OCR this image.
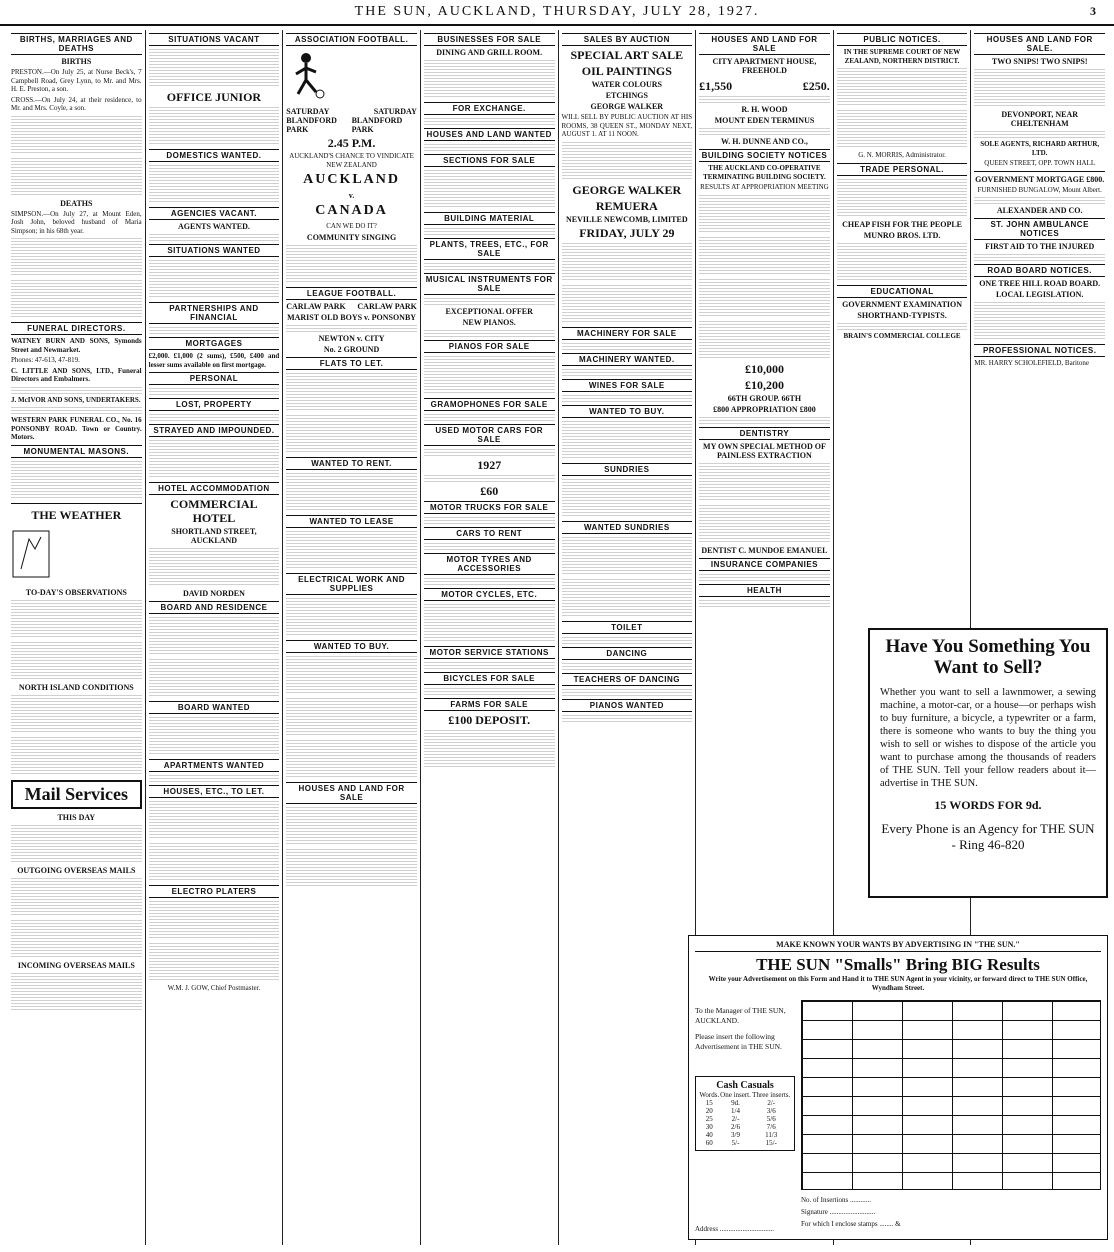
THE SUN, AUCKLAND, THURSDAY, JULY 28, 1927.	3
BIRTHS, MARRIAGES AND DEATHS
BIRTHS
PRESTON.—On July 25, at Nurse Beck's, 7 Campbell Road, Grey Lynn, to Mr. and Mrs. H. E. Preston, a son.
CROSS.—On July 24, at their residence, to Mr. and Mrs. Coyle, a son.
DEATHS
SIMPSON.—On July 27, at Mount Eden, Josh John, beloved husband of Maria Simpson; in his 68th year.
FUNERAL DIRECTORS.
WATNEY BURN AND SONS, Symonds Street and Newmarket.
Phones: 47-613, 47-819.
C. LITTLE AND SONS, LTD., Funeral Directors and Embalmers.
J. McIVOR AND SONS, UNDERTAKERS.
WESTERN PARK FUNERAL CO., No. 16 PONSONBY ROAD. Town or Country. Motors.
MONUMENTAL MASONS.
THE WEATHER
TO-DAY'S OBSERVATIONS
NORTH ISLAND CONDITIONS
Mail Services
THIS DAY
OUTGOING OVERSEAS MAILS
INCOMING OVERSEAS MAILS
SITUATIONS VACANT
OFFICE JUNIOR
DOMESTICS WANTED.
AGENCIES VACANT.
AGENTS WANTED.
SITUATIONS WANTED
PARTNERSHIPS AND FINANCIAL
MORTGAGES
£2,000. £1,000 (2 sums), £500, £400 and lesser sums available on first mortgage.
PERSONAL
LOST, PROPERTY
STRAYED AND IMPOUNDED.
HOTEL ACCOMMODATION
COMMERCIAL HOTEL
SHORTLAND STREET, AUCKLAND
DAVID NORDEN
BOARD AND RESIDENCE
BOARD WANTED
APARTMENTS WANTED
HOUSES, ETC., TO LET.
ELECTRO PLATERS
W.M. J. GOW, Chief Postmaster.
ASSOCIATION FOOTBALL.
SATURDAY	SATURDAY
BLANDFORD PARK
BLANDFORD PARK
2.45 P.M.
AUCKLAND'S CHANCE TO VINDICATE NEW ZEALAND
AUCKLAND
v.
CANADA
CAN WE DO IT?
COMMUNITY SINGING
LEAGUE FOOTBALL.
CARLAW PARK CARLAW PARK
MARIST OLD BOYS v. PONSONBY
NEWTON v. CITY
No. 2 GROUND
FLATS TO LET.
WANTED TO RENT.
WANTED TO LEASE
ELECTRICAL WORK AND SUPPLIES
WANTED TO BUY.
HOUSES AND LAND FOR SALE
BUSINESSES FOR SALE
DINING AND GRILL ROOM.
FOR EXCHANGE.
HOUSES AND LAND WANTED
SECTIONS FOR SALE
BUILDING MATERIAL
PLANTS, TREES, ETC., FOR SALE
MUSICAL INSTRUMENTS FOR SALE
EXCEPTIONAL OFFER
NEW PIANOS.
PIANOS FOR SALE
GRAMOPHONES FOR SALE
USED MOTOR CARS FOR SALE
1927
£60
MOTOR TRUCKS FOR SALE
CARS TO RENT
MOTOR TYRES AND ACCESSORIES
MOTOR CYCLES, ETC.
MOTOR SERVICE STATIONS
BICYCLES FOR SALE
FARMS FOR SALE
£100 DEPOSIT.
SALES BY AUCTION
SPECIAL ART SALE
OIL PAINTINGS
WATER COLOURS
ETCHINGS
GEORGE WALKER
WILL SELL BY PUBLIC AUCTION AT HIS ROOMS, 38 QUEEN ST., MONDAY NEXT, AUGUST 1. AT 11 NOON.
GEORGE WALKER
REMUERA
NEVILLE NEWCOMB, LIMITED
FRIDAY, JULY 29
MACHINERY FOR SALE
MACHINERY WANTED.
WINES FOR SALE
WANTED TO BUY.
SUNDRIES
WANTED SUNDRIES
TOILET
DANCING
TEACHERS OF DANCING
PIANOS WANTED
HOUSES AND LAND FOR SALE
CITY APARTMENT HOUSE, FREEHOLD
£1,550	£250.
R. H. WOOD
MOUNT EDEN TERMINUS
W. H. DUNNE AND CO.,
BUILDING SOCIETY NOTICES
THE AUCKLAND CO-OPERATIVE TERMINATING BUILDING SOCIETY.
RESULTS AT APPROPRIATION MEETING
£10,000
£10,200
66TH GROUP. 66TH
£800 APPROPRIATION £800
DENTISTRY
MY OWN SPECIAL METHOD OF PAINLESS EXTRACTION
DENTIST C. MUNDOE EMANUEL
INSURANCE COMPANIES
HEALTH
PUBLIC NOTICES.
IN THE SUPREME COURT OF NEW ZEALAND, NORTHERN DISTRICT.
G. N. MORRIS, Administrator.
TRADE PERSONAL.
CHEAP FISH FOR THE PEOPLE
MUNRO BROS. LTD.
EDUCATIONAL
GOVERNMENT EXAMINATION
SHORTHAND-TYPISTS.
BRAIN'S COMMERCIAL COLLEGE
HOUSES AND LAND FOR SALE.
TWO SNIPS! TWO SNIPS!
DEVONPORT, NEAR CHELTENHAM
SOLE AGENTS, RICHARD ARTHUR, LTD.
QUEEN STREET, OPP. TOWN HALL
GOVERNMENT MORTGAGE £800.
FURNISHED BUNGALOW, Mount Albert.
ALEXANDER AND CO.
ST. JOHN AMBULANCE NOTICES
FIRST AID TO THE INJURED
ROAD BOARD NOTICES.
ONE TREE HILL ROAD BOARD.
LOCAL LEGISLATION.
PROFESSIONAL NOTICES.
MR. HARRY SCHOLEFIELD, Baritone
Have You Something You Want to Sell?
Whether you want to sell a lawnmower, a sewing machine, a motor-car, or a house—or perhaps wish to buy furniture, a bicycle, a typewriter or a farm, there is someone who wants to buy the thing you wish to sell or wishes to dispose of the article you want to purchase among the thousands of readers of THE SUN. Tell your fellow readers about it— advertise in THE SUN.
15 WORDS FOR 9d.
Every Phone is an Agency for THE SUN - Ring 46-820
MAKE KNOWN YOUR WANTS BY ADVERTISING IN "THE SUN."
THE SUN "Smalls" Bring BIG Results
Write your Advertisement on this Form and Hand it to THE SUN Agent in your vicinity, or forward direct to THE SUN Office, Wyndham Street.
To the Manager of THE SUN, AUCKLAND.
Please insert the following Advertisement in THE SUN.
Cash Casuals
Words.	One insert.	Three inserts.
15	9d.	2/-
20	1/4	3/6
25	2/-	5/6
30	2/6	7/6
40	3/9	11/3
60	5/-	15/-
No. of Insertions ............
Signature ..........................
For which I enclose stamps ........ &
Address ...............................
